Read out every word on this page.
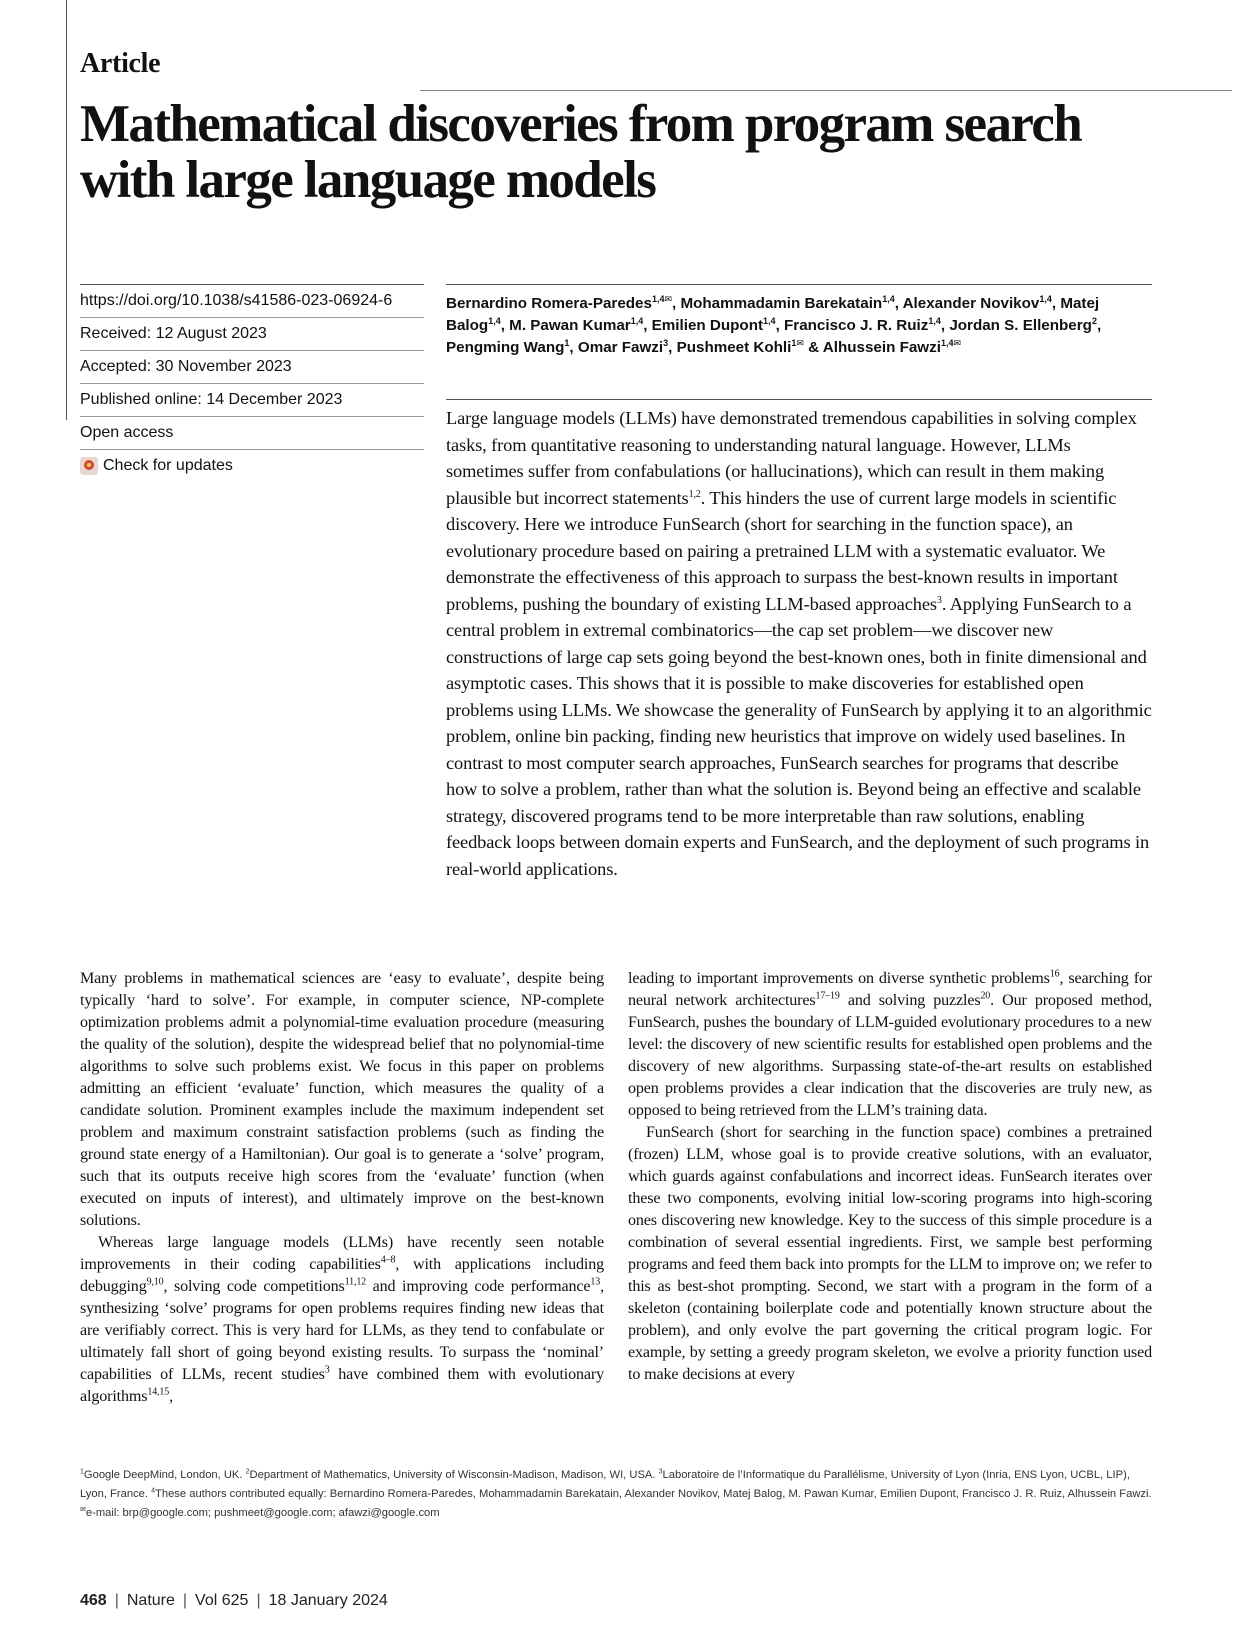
Article
Mathematical discoveries from program search with large language models
https://doi.org/10.1038/s41586-023-06924-6
Received: 12 August 2023
Accepted: 30 November 2023
Published online: 14 December 2023
Open access
Check for updates
Bernardino Romera-Paredes$^{1,4✉}$, Mohammadamin Barekatain$^{1,4}$, Alexander Novikov$^{1,4}$, Matej Balog$^{1,4}$, M. Pawan Kumar$^{1,4}$, Emilien Dupont$^{1,4}$, Francisco J. R. Ruiz$^{1,4}$, Jordan S. Ellenberg$^2$, Pengming Wang$^1$, Omar Fawzi$^3$, Pushmeet Kohli$^{1✉}$ & Alhussein Fawzi$^{1,4✉}$

Large language models (LLMs) have demonstrated tremendous capabilities in solving complex tasks, from quantitative reasoning to understanding natural language. However, LLMs sometimes suffer from confabulations (or hallucinations), which can result in them making plausible but incorrect statements$^{1,2}$. This hinders the use of current large models in scientific discovery. Here we introduce FunSearch (short for searching in the function space), an evolutionary procedure based on pairing a pretrained LLM with a systematic evaluator. We demonstrate the effectiveness of this approach to surpass the best-known results in important problems, pushing the boundary of existing LLM-based approaches$^3$. Applying FunSearch to a central problem in extremal combinatorics—the cap set problem—we discover new constructions of large cap sets going beyond the best-known ones, both in finite dimensional and asymptotic cases. This shows that it is possible to make discoveries for established open problems using LLMs. We showcase the generality of FunSearch by applying it to an algorithmic problem, online bin packing, finding new heuristics that improve on widely used baselines. In contrast to most computer search approaches, FunSearch searches for programs that describe how to solve a problem, rather than what the solution is. Beyond being an effective and scalable strategy, discovered programs tend to be more interpretable than raw solutions, enabling feedback loops between domain experts and FunSearch, and the deployment of such programs in real-world applications.

Many problems in mathematical sciences are ‘easy to evaluate’, despite being typically ‘hard to solve’. For example, in computer science, NP-complete optimization problems admit a polynomial-time evaluation procedure (measuring the quality of the solution), despite the widespread belief that no polynomial-time algorithms to solve such problems exist. We focus in this paper on problems admitting an efficient ‘evaluate’ function, which measures the quality of a candidate solution. Prominent examples include the maximum independent set problem and maximum constraint satisfaction problems (such as finding the ground state energy of a Hamiltonian). Our goal is to generate a ‘solve’ program, such that its outputs receive high scores from the ‘evaluate’ function (when executed on inputs of interest), and ultimately improve on the best-known solutions.

Whereas large language models (LLMs) have recently seen notable improvements in their coding capabilities$^{4-8}$, with applications including debugging$^{9,10}$, solving code competitions$^{11,12}$ and improving code performance$^{13}$, synthesizing ‘solve’ programs for open problems requires finding new ideas that are verifiably correct. This is very hard for LLMs, as they tend to confabulate or ultimately fall short of going beyond existing results. To surpass the ‘nominal’ capabilities of LLMs, recent studies$^3$ have combined them with evolutionary algorithms$^{14,15}$,

leading to important improvements on diverse synthetic problems$^{16}$, searching for neural network architectures$^{17-19}$ and solving puzzles$^{20}$. Our proposed method, FunSearch, pushes the boundary of LLM-guided evolutionary procedures to a new level: the discovery of new scientific results for established open problems and the discovery of new algorithms. Surpassing state-of-the-art results on established open problems provides a clear indication that the discoveries are truly new, as opposed to being retrieved from the LLM’s training data.

FunSearch (short for searching in the function space) combines a pretrained (frozen) LLM, whose goal is to provide creative solutions, with an evaluator, which guards against confabulations and incorrect ideas. FunSearch iterates over these two components, evolving initial low-scoring programs into high-scoring ones discovering new knowledge. Key to the success of this simple procedure is a combination of several essential ingredients. First, we sample best performing programs and feed them back into prompts for the LLM to improve on; we refer to this as best-shot prompting. Second, we start with a program in the form of a skeleton (containing boilerplate code and potentially known structure about the problem), and only evolve the part governing the critical program logic. For example, by setting a greedy program skeleton, we evolve a priority function used to make decisions at every

$^1$Google DeepMind, London, UK. $^2$Department of Mathematics, University of Wisconsin-Madison, Madison, WI, USA. $^3$Laboratoire de l’Informatique du Parallélisme, University of Lyon (Inria, ENS Lyon, UCBL, LIP), Lyon, France. $^4$These authors contributed equally: Bernardino Romera-Paredes, Mohammadamin Barekatain, Alexander Novikov, Matej Balog, M. Pawan Kumar, Emilien Dupont, Francisco J. R. Ruiz, Alhussein Fawzi. ✉e-mail: brp@google.com; pushmeet@google.com; afawzi@google.com

468 | Nature | Vol 625 | 18 January 2024
